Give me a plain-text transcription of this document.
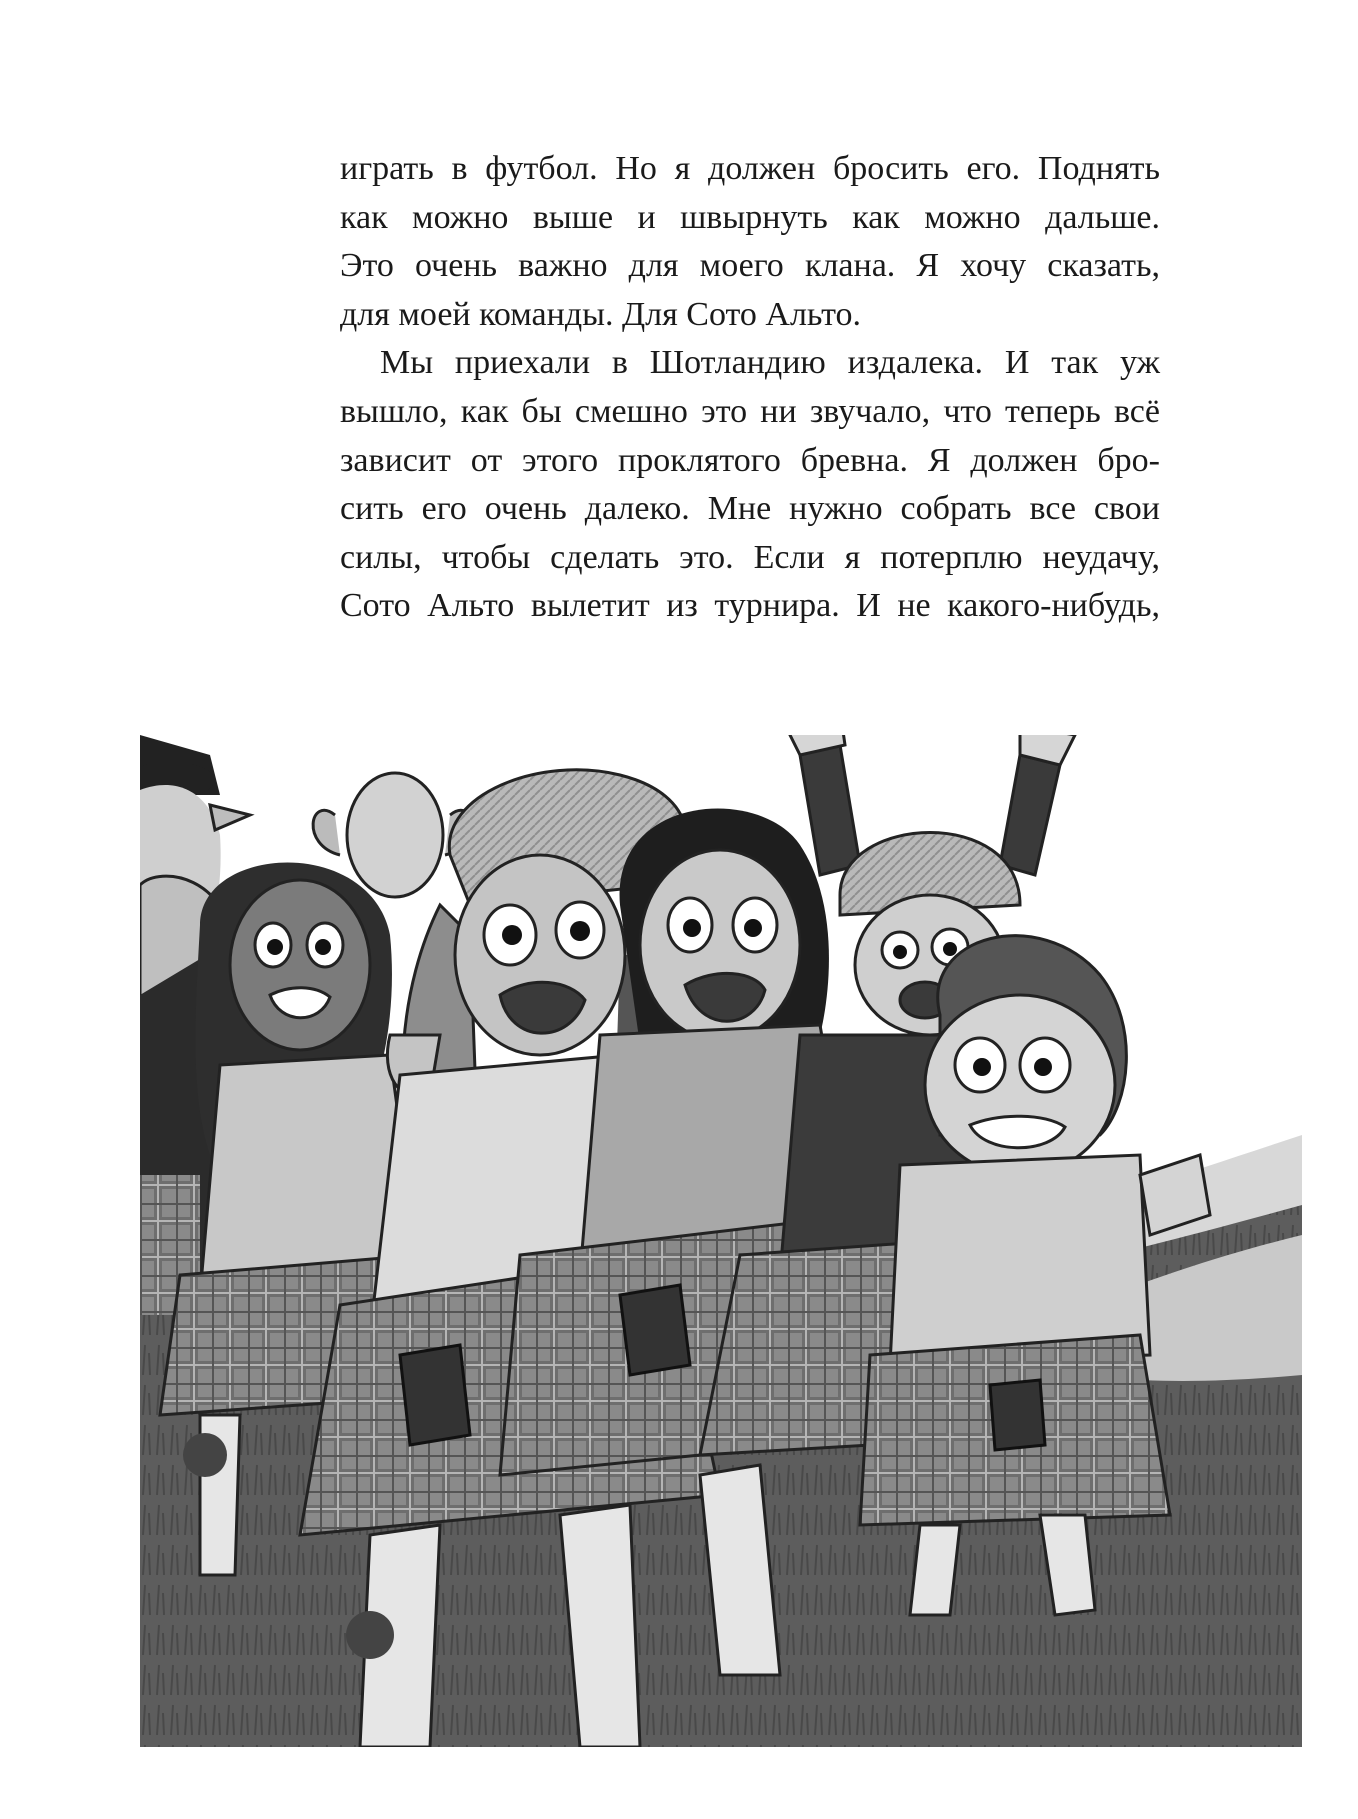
играть в футбол. Но я должен бросить его. Поднять
как можно выше и швырнуть как можно дальше.
Это очень важно для моего клана. Я хочу сказать,
для моей команды. Для Сото Альто.
Мы приехали в Шотландию издалека. И так уж
вышло, как бы смешно это ни звучало, что теперь всё
зависит от этого проклятого бревна. Я должен бро-
сить его очень далеко. Мне нужно собрать все свои
силы, чтобы сделать это. Если я потерплю неудачу,
Сото Альто вылетит из турнира. И не какого-нибудь,
